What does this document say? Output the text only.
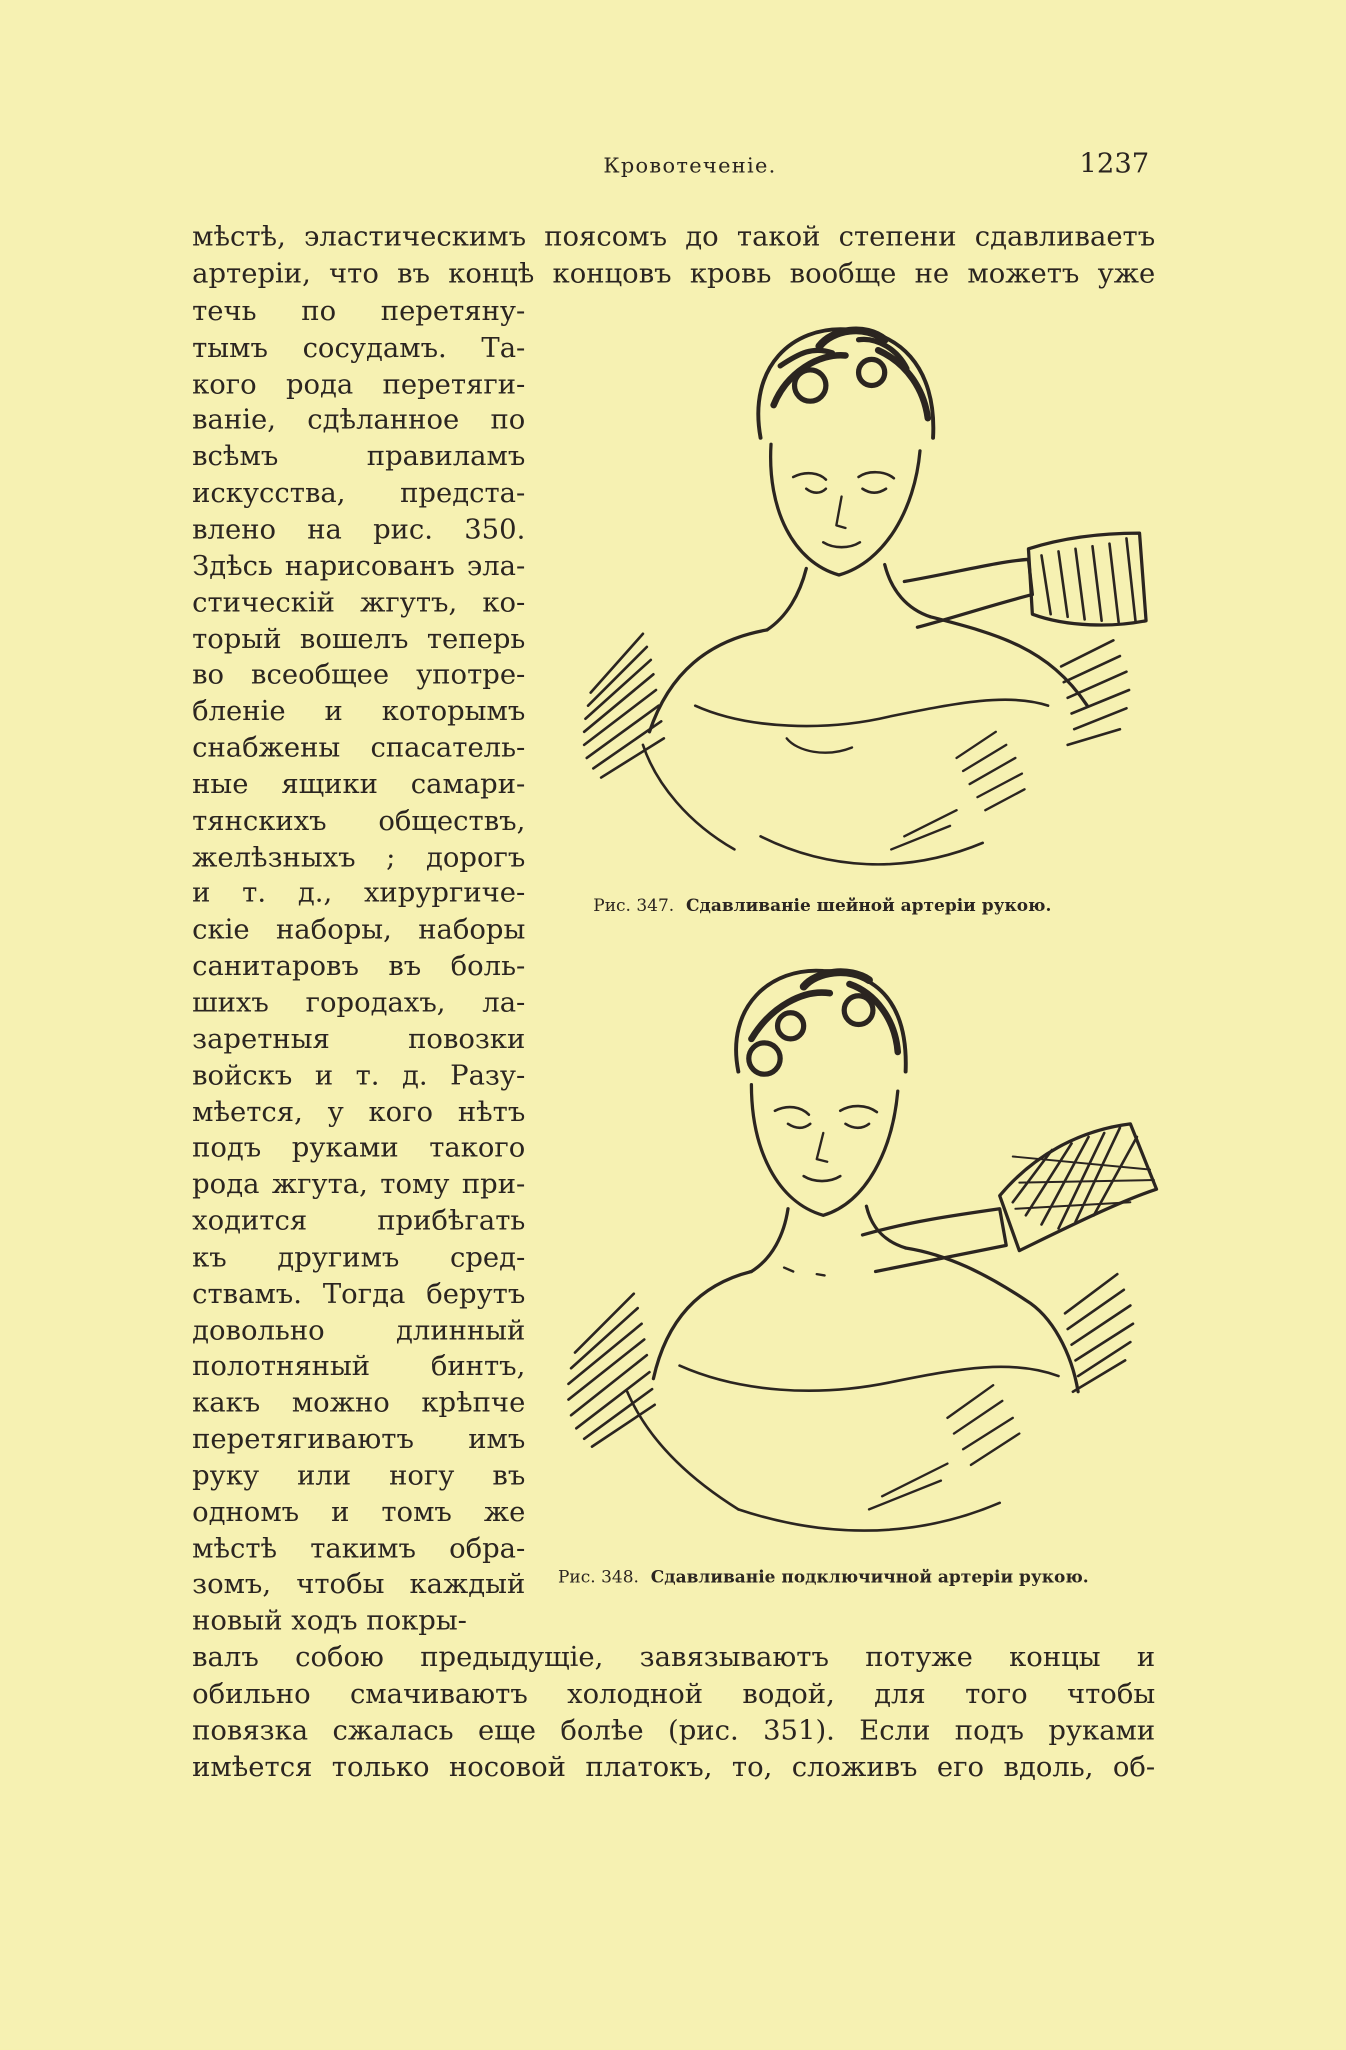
Кровотеченіе.	1237
мѣстѣ, эластическимъ поясомъ до такой степени сдавливаетъ
артеріи, что въ концѣ концовъ кровь вообще не можетъ уже
течь по перетяну-
тымъ сосудамъ. Та-
кого рода перетяги-
ваніе, сдѣланное по
всѣмъ правиламъ
искусства, предста-
влено на рис. 350.
Здѣсь нарисованъ эла-
стическій жгутъ, ко-
торый вошелъ теперь
во всеобщее употре-
бленіе и которымъ
снабжены спасатель-
ные ящики самари-
тянскихъ обществъ,
желѣзныхъ ; дорогъ
и т. д., хирургиче-
скіе наборы, наборы
санитаровъ въ боль-
шихъ городахъ, ла-
заретныя повозки
войскъ и т. д. Разу-
мѣется, у кого нѣтъ
подъ руками такого
рода жгута, тому при-
ходится прибѣгать
къ другимъ сред-
ствамъ. Тогда берутъ
довольно длинный
полотняный бинтъ,
какъ можно крѣпче
перетягиваютъ имъ
руку или ногу въ
одномъ и томъ же
мѣстѣ такимъ обра-
зомъ, чтобы каждый
новый ходъ покры-
валъ собою предыдущіе, завязываютъ потуже концы и
обильно смачиваютъ холодной водой, для того чтобы
повязка сжалась еще болѣе (рис. 351). Если подъ руками
имѣется только носовой платокъ, то, сложивъ его вдоль, об-
Рис. 347. Сдавливаніе шейной артеріи рукою.
Рис. 348. Сдавливаніе подключичной артеріи рукою.
